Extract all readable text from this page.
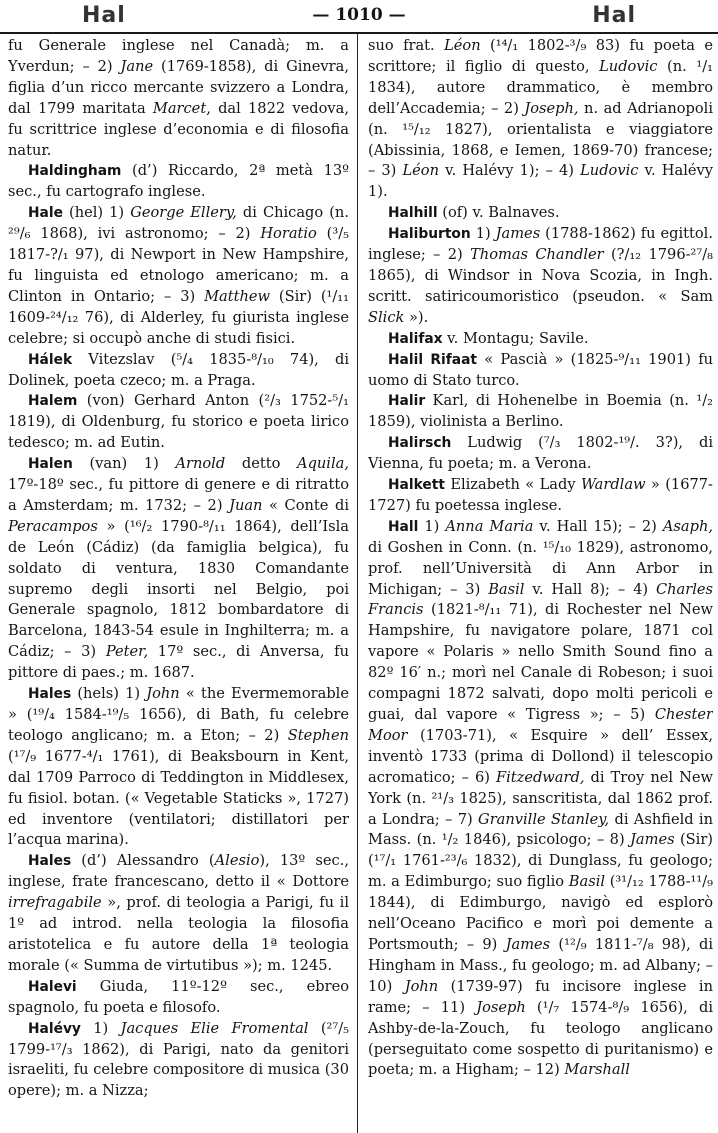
Hal	— 1010 —	Hal
fu Generale inglese nel Canadà; m. a Yverdun; – 2) Jane (1769-1858), di Ginevra, figlia d’un ricco mercante svizzero a Londra, dal 1799 maritata Marcet, dal 1822 vedova, fu scrittrice inglese d’economia e di filosofia natur.
Haldingham (d’) Riccardo, 2ª metà 13º sec., fu cartografo inglese.
Hale (hel) 1) George Ellery, di Chicago (n. ²⁹/₆ 1868), ivi astronomo; – 2) Horatio (³/₅ 1817-?/₁ 97), di Newport in New Hampshire, fu linguista ed etnologo americano; m. a Clinton in Ontario; – 3) Matthew (Sir) (¹/₁₁ 1609-²⁴/₁₂ 76), di Alderley, fu giurista inglese celebre; si occupò anche di studi fisici.
Hálek Vitezslav (⁵/₄ 1835-⁸/₁₀ 74), di Dolinek, poeta czeco; m. a Praga.
Halem (von) Gerhard Anton (²/₃ 1752-⁵/₁ 1819), di Oldenburg, fu storico e poeta lirico tedesco; m. ad Eutin.
Halen (van) 1) Arnold detto Aquila, 17º-18º sec., fu pittore di genere e di ritratto a Amsterdam; m. 1732; – 2) Juan « Conte di Peracampos » (¹⁶/₂ 1790-⁸/₁₁ 1864), dell’Isla de León (Cádiz) (da famiglia belgica), fu soldato di ventura, 1830 Comandante supremo degli insorti nel Belgio, poi Generale spagnolo, 1812 bombardatore di Barcelona, 1843-54 esule in Inghilterra; m. a Cádiz; – 3) Peter, 17º sec., di Anversa, fu pittore di paes.; m. 1687.
Hales (hels) 1) John « the Evermemorable » (¹⁹/₄ 1584-¹⁹/₅ 1656), di Bath, fu celebre teologo anglicano; m. a Eton; – 2) Stephen (¹⁷/₉ 1677-⁴/₁ 1761), di Beaksbourn in Kent, dal 1709 Parroco di Teddington in Middlesex, fu fisiol. botan. (« Vegetable Staticks », 1727) ed inventore (ventilatori; distillatori per l’acqua marina).
Hales (d’) Alessandro (Alesio), 13º sec., inglese, frate francescano, detto il « Dottore irrefragabile », prof. di teologia a Parigi, fu il 1º ad introd. nella teologia la filosofia aristotelica e fu autore della 1ª teologia morale (« Summa de virtutibus »); m. 1245.
Halevi Giuda, 11º-12º sec., ebreo spagnolo, fu poeta e filosofo.
Halévy 1) Jacques Elie Fromental (²⁷/₅ 1799-¹⁷/₃ 1862), di Parigi, nato da genitori israeliti, fu celebre compositore di musica (30 opere); m. a Nizza;
suo frat. Léon (¹⁴/₁ 1802-³/₉ 83) fu poeta e scrittore; il figlio di questo, Ludovic (n. ¹/₁ 1834), autore drammatico, è membro dell’Accademia; – 2) Joseph, n. ad Adrianopoli (n. ¹⁵/₁₂ 1827), orientalista e viaggiatore (Abissinia, 1868, e Iemen, 1869-70) francese; – 3) Léon v. Halévy 1); – 4) Ludovic v. Halévy 1).
Halhill (of) v. Balnaves.
Haliburton 1) James (1788-1862) fu egittol. inglese; – 2) Thomas Chandler (?/₁₂ 1796-²⁷/₈ 1865), di Windsor in Nova Scozia, in Ingh. scritt. satiricoumoristico (pseudon. « Sam Slick »).
Halifax v. Montagu; Savile.
Halil Rifaat « Pascià » (1825-⁹/₁₁ 1901) fu uomo di Stato turco.
Halir Karl, di Hohenelbe in Boemia (n. ¹/₂ 1859), violinista a Berlino.
Halirsch Ludwig (⁷/₃ 1802-¹⁹/. 3?), di Vienna, fu poeta; m. a Verona.
Halkett Elizabeth « Lady Wardlaw » (1677-1727) fu poetessa inglese.
Hall 1) Anna Maria v. Hall 15); – 2) Asaph, di Goshen in Conn. (n. ¹⁵/₁₀ 1829), astronomo, prof. nell’Università di Ann Arbor in Michigan; – 3) Basil v. Hall 8); – 4) Charles Francis (1821-⁸/₁₁ 71), di Rochester nel New Hampshire, fu navigatore polare, 1871 col vapore « Polaris » nello Smith Sound fino a 82º 16′ n.; morì nel Canale di Robeson; i suoi compagni 1872 salvati, dopo molti pericoli e guai, dal vapore « Tigress »; – 5) Chester Moor (1703-71), « Esquire » dell’ Essex, inventò 1733 (prima di Dollond) il telescopio acromatico; – 6) Fitzedward, di Troy nel New York (n. ²¹/₃ 1825), sanscritista, dal 1862 prof. a Londra; – 7) Granville Stanley, di Ashfield in Mass. (n. ¹/₂ 1846), psicologo; – 8) James (Sir) (¹⁷/₁ 1761-²³/₆ 1832), di Dunglass, fu geologo; m. a Edimburgo; suo figlio Basil (³¹/₁₂ 1788-¹¹/₉ 1844), di Edimburgo, navigò ed esplorò nell’Oceano Pacifico e morì poi demente a Portsmouth; – 9) James (¹²/₉ 1811-⁷/₈ 98), di Hingham in Mass., fu geologo; m. ad Albany; – 10) John (1739-97) fu incisore inglese in rame; – 11) Joseph (¹/₇ 1574-⁸/₉ 1656), di Ashby-de-la-Zouch, fu teologo anglicano (perseguitato come sospetto di puritanismo) e poeta; m. a Higham; – 12) Marshall
